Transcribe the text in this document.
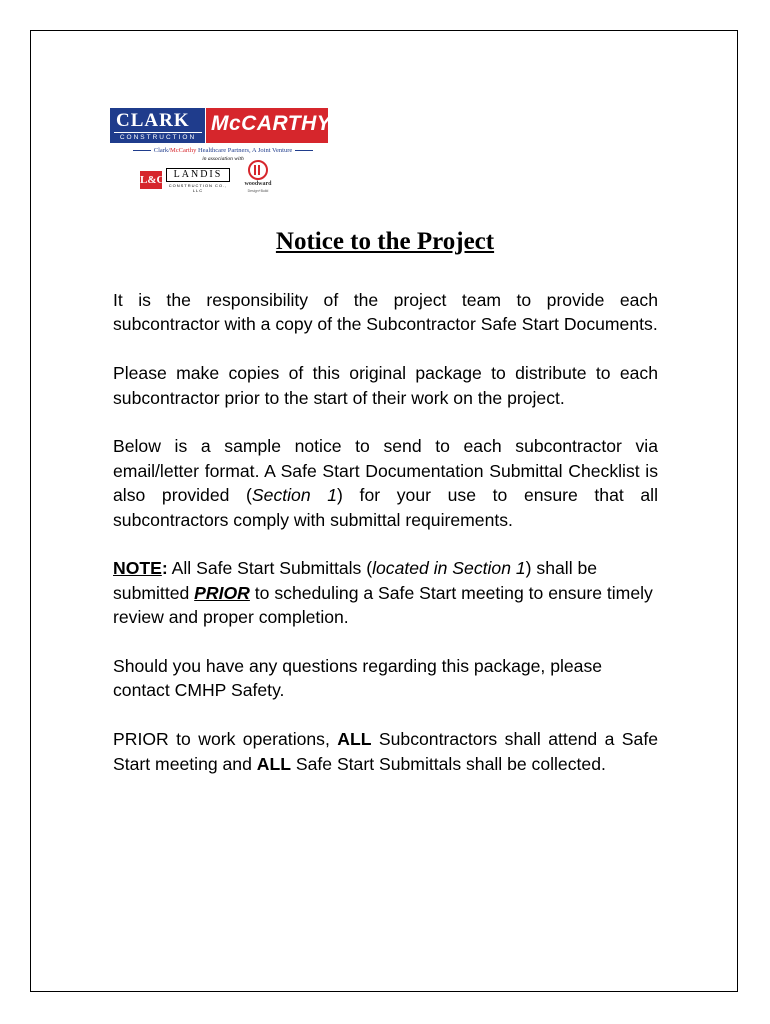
CLARK
CONSTRUCTION
McCARTHY
Clark/McCarthy Healthcare Partners, A Joint Venture
in association with
L&C LANDIS
CONSTRUCTION CO., LLC
woodward
Design+Build
Notice to the Project

It is the responsibility of the project team to provide each subcontractor with a copy of the Subcontractor Safe Start Documents.

Please make copies of this original package to distribute to each subcontractor prior to the start of their work on the project.

Below is a sample notice to send to each subcontractor via email/letter format. A Safe Start Documentation Submittal Checklist is also provided (Section 1) for your use to ensure that all subcontractors comply with submittal requirements.

NOTE: All Safe Start Submittals (located in Section 1) shall be submitted PRIOR to scheduling a Safe Start meeting to ensure timely review and proper completion.

Should you have any questions regarding this package, please contact CMHP Safety.

PRIOR to work operations, ALL Subcontractors shall attend a Safe Start meeting and ALL Safe Start Submittals shall be collected.
